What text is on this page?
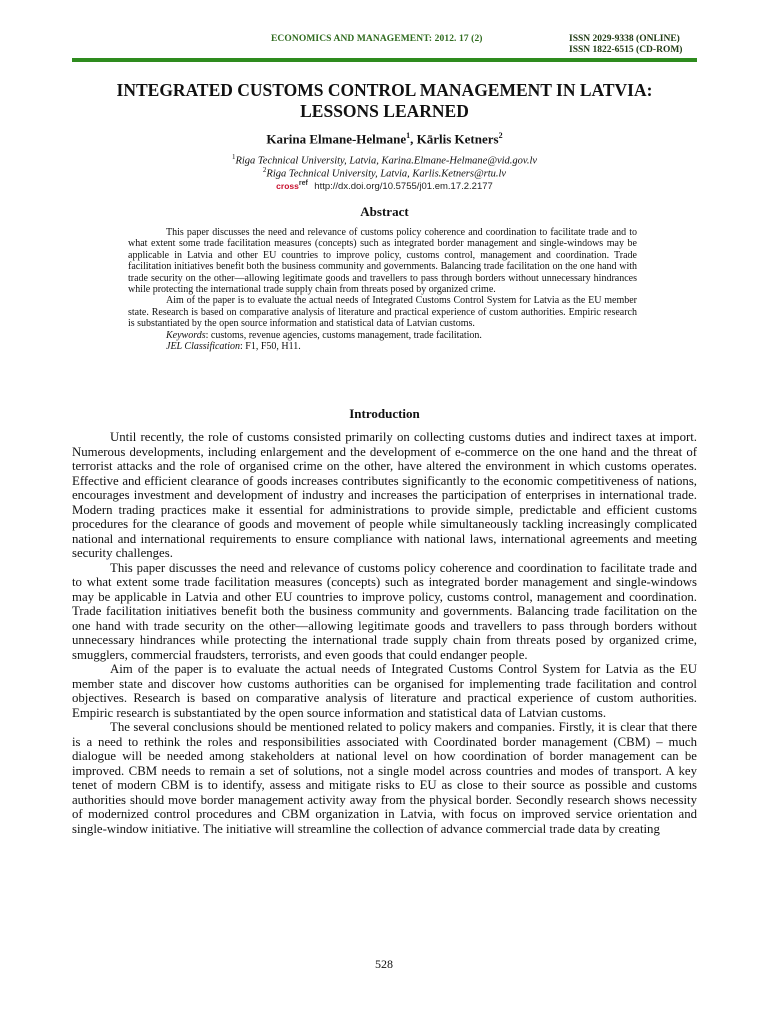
ECONOMICS AND MANAGEMENT: 2012. 17 (2)	ISSN 2029-9338 (ONLINE)
ISSN 1822-6515 (CD-ROM)
INTEGRATED CUSTOMS CONTROL MANAGEMENT IN LATVIA:
LESSONS LEARNED
Karina Elmane-Helmane$^1$, Kārlis Ketners$^2$
$^1$Riga Technical University, Latvia, Karina.Elmane-Helmane@vid.gov.lv
$^2$Riga Technical University, Latvia, Karlis.Ketners@rtu.lv
cross$^{ref}$ http://dx.doi.org/10.5755/j01.em.17.2.2177
Abstract

This paper discusses the need and relevance of customs policy coherence and coordination to facilitate trade and to what extent some trade facilitation measures (concepts) such as integrated border management and single-windows may be applicable in Latvia and other EU countries to improve policy, customs control, management and coordination. Trade facilitation initiatives benefit both the business community and governments. Balancing trade facilitation on the one hand with trade security on the other—allowing legitimate goods and travellers to pass through borders without unnecessary hindrances while protecting the international trade supply chain from threats posed by organized crime.

Aim of the paper is to evaluate the actual needs of Integrated Customs Control System for Latvia as the EU member state. Research is based on comparative analysis of literature and practical experience of custom authorities. Empiric research is substantiated by the open source information and statistical data of Latvian customs.

Keywords: customs, revenue agencies, customs management, trade facilitation.

JEL Classification: F1, F50, H11.

Introduction

Until recently, the role of customs consisted primarily on collecting customs duties and indirect taxes at import. Numerous developments, including enlargement and the development of e-commerce on the one hand and the threat of terrorist attacks and the role of organised crime on the other, have altered the environment in which customs operates. Effective and efficient clearance of goods increases contributes significantly to the economic competitiveness of nations, encourages investment and development of industry and increases the participation of enterprises in international trade. Modern trading practices make it essential for administrations to provide simple, predictable and efficient customs procedures for the clearance of goods and movement of people while simultaneously tackling increasingly complicated national and international requirements to ensure compliance with national laws, international agreements and meeting security challenges.

This paper discusses the need and relevance of customs policy coherence and coordination to facilitate trade and to what extent some trade facilitation measures (concepts) such as integrated border management and single-windows may be applicable in Latvia and other EU countries to improve policy, customs control, management and coordination. Trade facilitation initiatives benefit both the business community and governments. Balancing trade facilitation on the one hand with trade security on the other—allowing legitimate goods and travellers to pass through borders without unnecessary hindrances while protecting the international trade supply chain from threats posed by organized crime, smugglers, commercial fraudsters, terrorists, and even goods that could endanger people.

Aim of the paper is to evaluate the actual needs of Integrated Customs Control System for Latvia as the EU member state and discover how customs authorities can be organised for implementing trade facilitation and control objectives. Research is based on comparative analysis of literature and practical experience of custom authorities. Empiric research is substantiated by the open source information and statistical data of Latvian customs.

The several conclusions should be mentioned related to policy makers and companies. Firstly, it is clear that there is a need to rethink the roles and responsibilities associated with Coordinated border management (CBM) – much dialogue will be needed among stakeholders at national level on how coordination of border management can be improved. CBM needs to remain a set of solutions, not a single model across countries and modes of transport. A key tenet of modern CBM is to identify, assess and mitigate risks to EU as close to their source as possible and customs authorities should move border management activity away from the physical border. Secondly research shows necessity of modernized control procedures and CBM organization in Latvia, with focus on improved service orientation and single-window initiative. The initiative will streamline the collection of advance commercial trade data by creating

528
